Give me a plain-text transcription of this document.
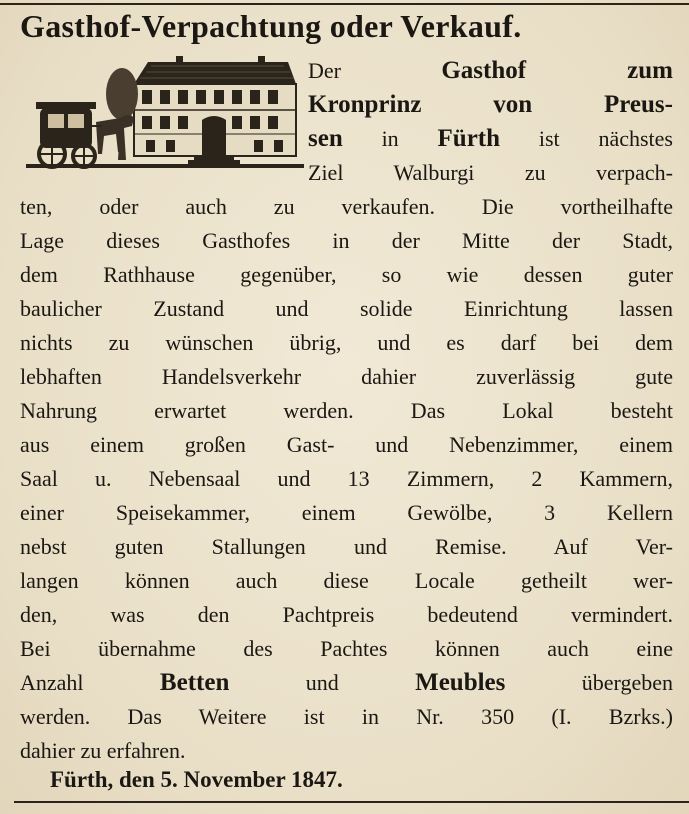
Gasthof-Verpachtung oder Verkauf.
Der Gasthof zum
Kronprinz von Preus-
sen in Fürth ist nächstes
Ziel Walburgi zu verpach-
ten, oder auch zu verkaufen. Die vortheilhafte
Lage dieses Gasthofes in der Mitte der Stadt,
dem Rathhause gegenüber, so wie dessen guter
baulicher Zustand und solide Einrichtung lassen
nichts zu wünschen übrig, und es darf bei dem
lebhaften Handelsverkehr dahier zuverlässig gute
Nahrung erwartet werden. Das Lokal besteht
aus einem großen Gast- und Nebenzimmer, einem
Saal u. Nebensaal und 13 Zimmern, 2 Kammern,
einer Speisekammer, einem Gewölbe, 3 Kellern
nebst guten Stallungen und Remise. Auf Ver-
langen können auch diese Locale getheilt wer-
den, was den Pachtpreis bedeutend vermindert.
Bei übernahme des Pachtes können auch eine
Anzahl Betten und Meubles übergeben
werden. Das Weitere ist in Nr. 350 (I. Bzrks.)
dahier zu erfahren.
Fürth, den 5. November 1847.
